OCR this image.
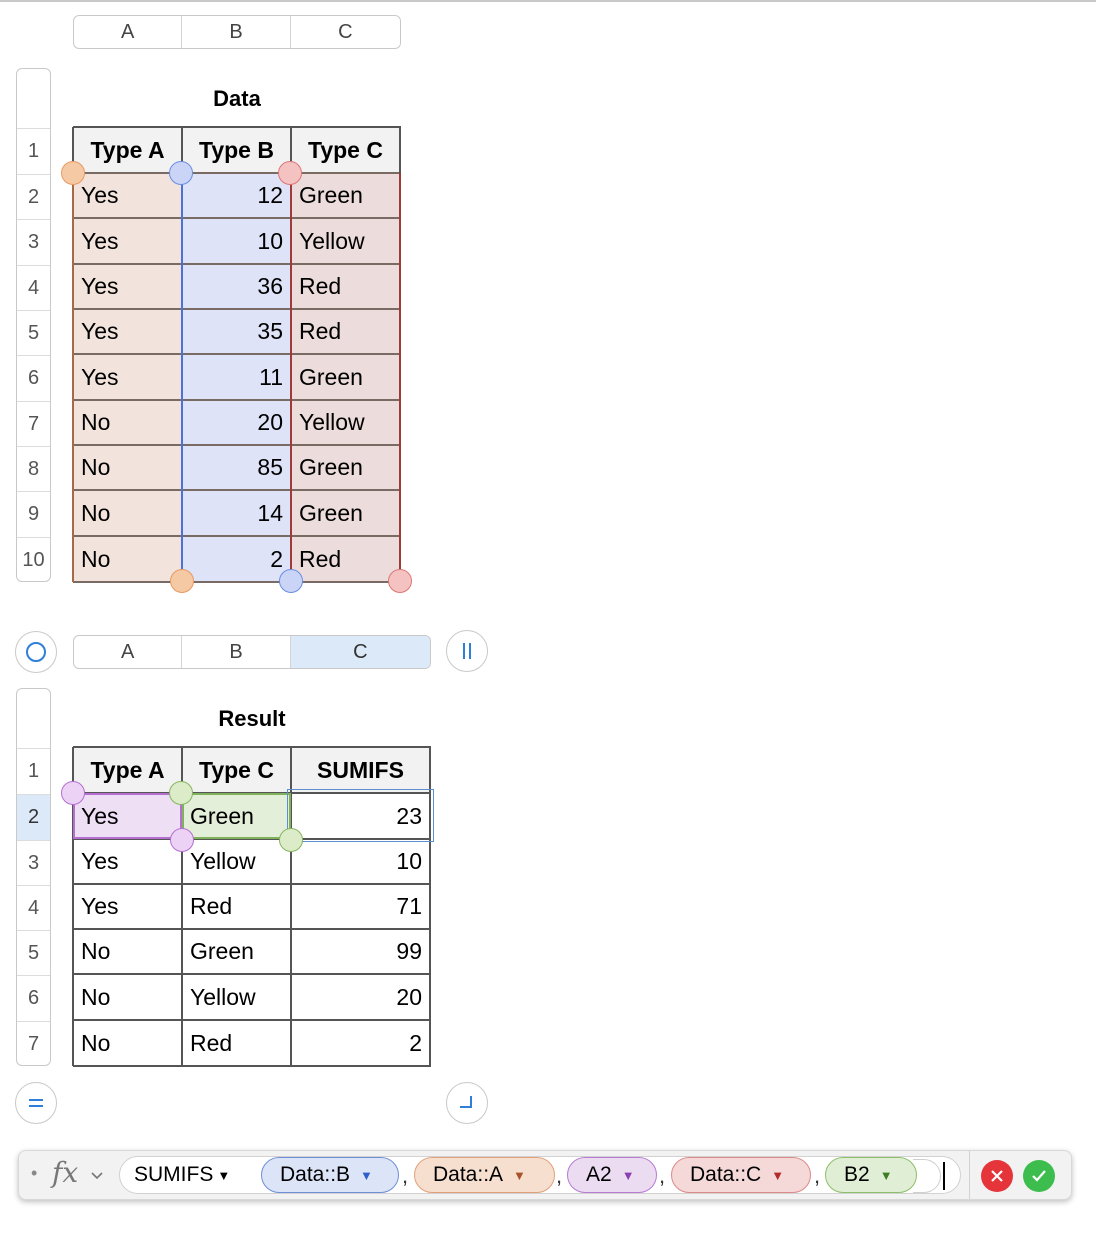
A	B	C
1
2
3
4
5
6
7
8
9
10
Data
Type A	Type B	Type C
Yes	12 Green
Yes	10 Yellow
Yes	36 Red
Yes	35 Red
Yes	11 Green
No	20 Yellow
No	85 Green
No	14 Green
No	2 Red
A	B	C
1
2
3
4
5
6
7
Result
Type A	Type C	SUMIFS
Yes	Green	23
Yes	Yellow	10
Yes	Red	71
No	Green	99
No	Yellow	20
No	Red	2
• fx	SUMIFS ▼ Data::B ▼	Data::A ▼	A2 ▼	Data::C ▼	B2 ▼
,	,	,	,
